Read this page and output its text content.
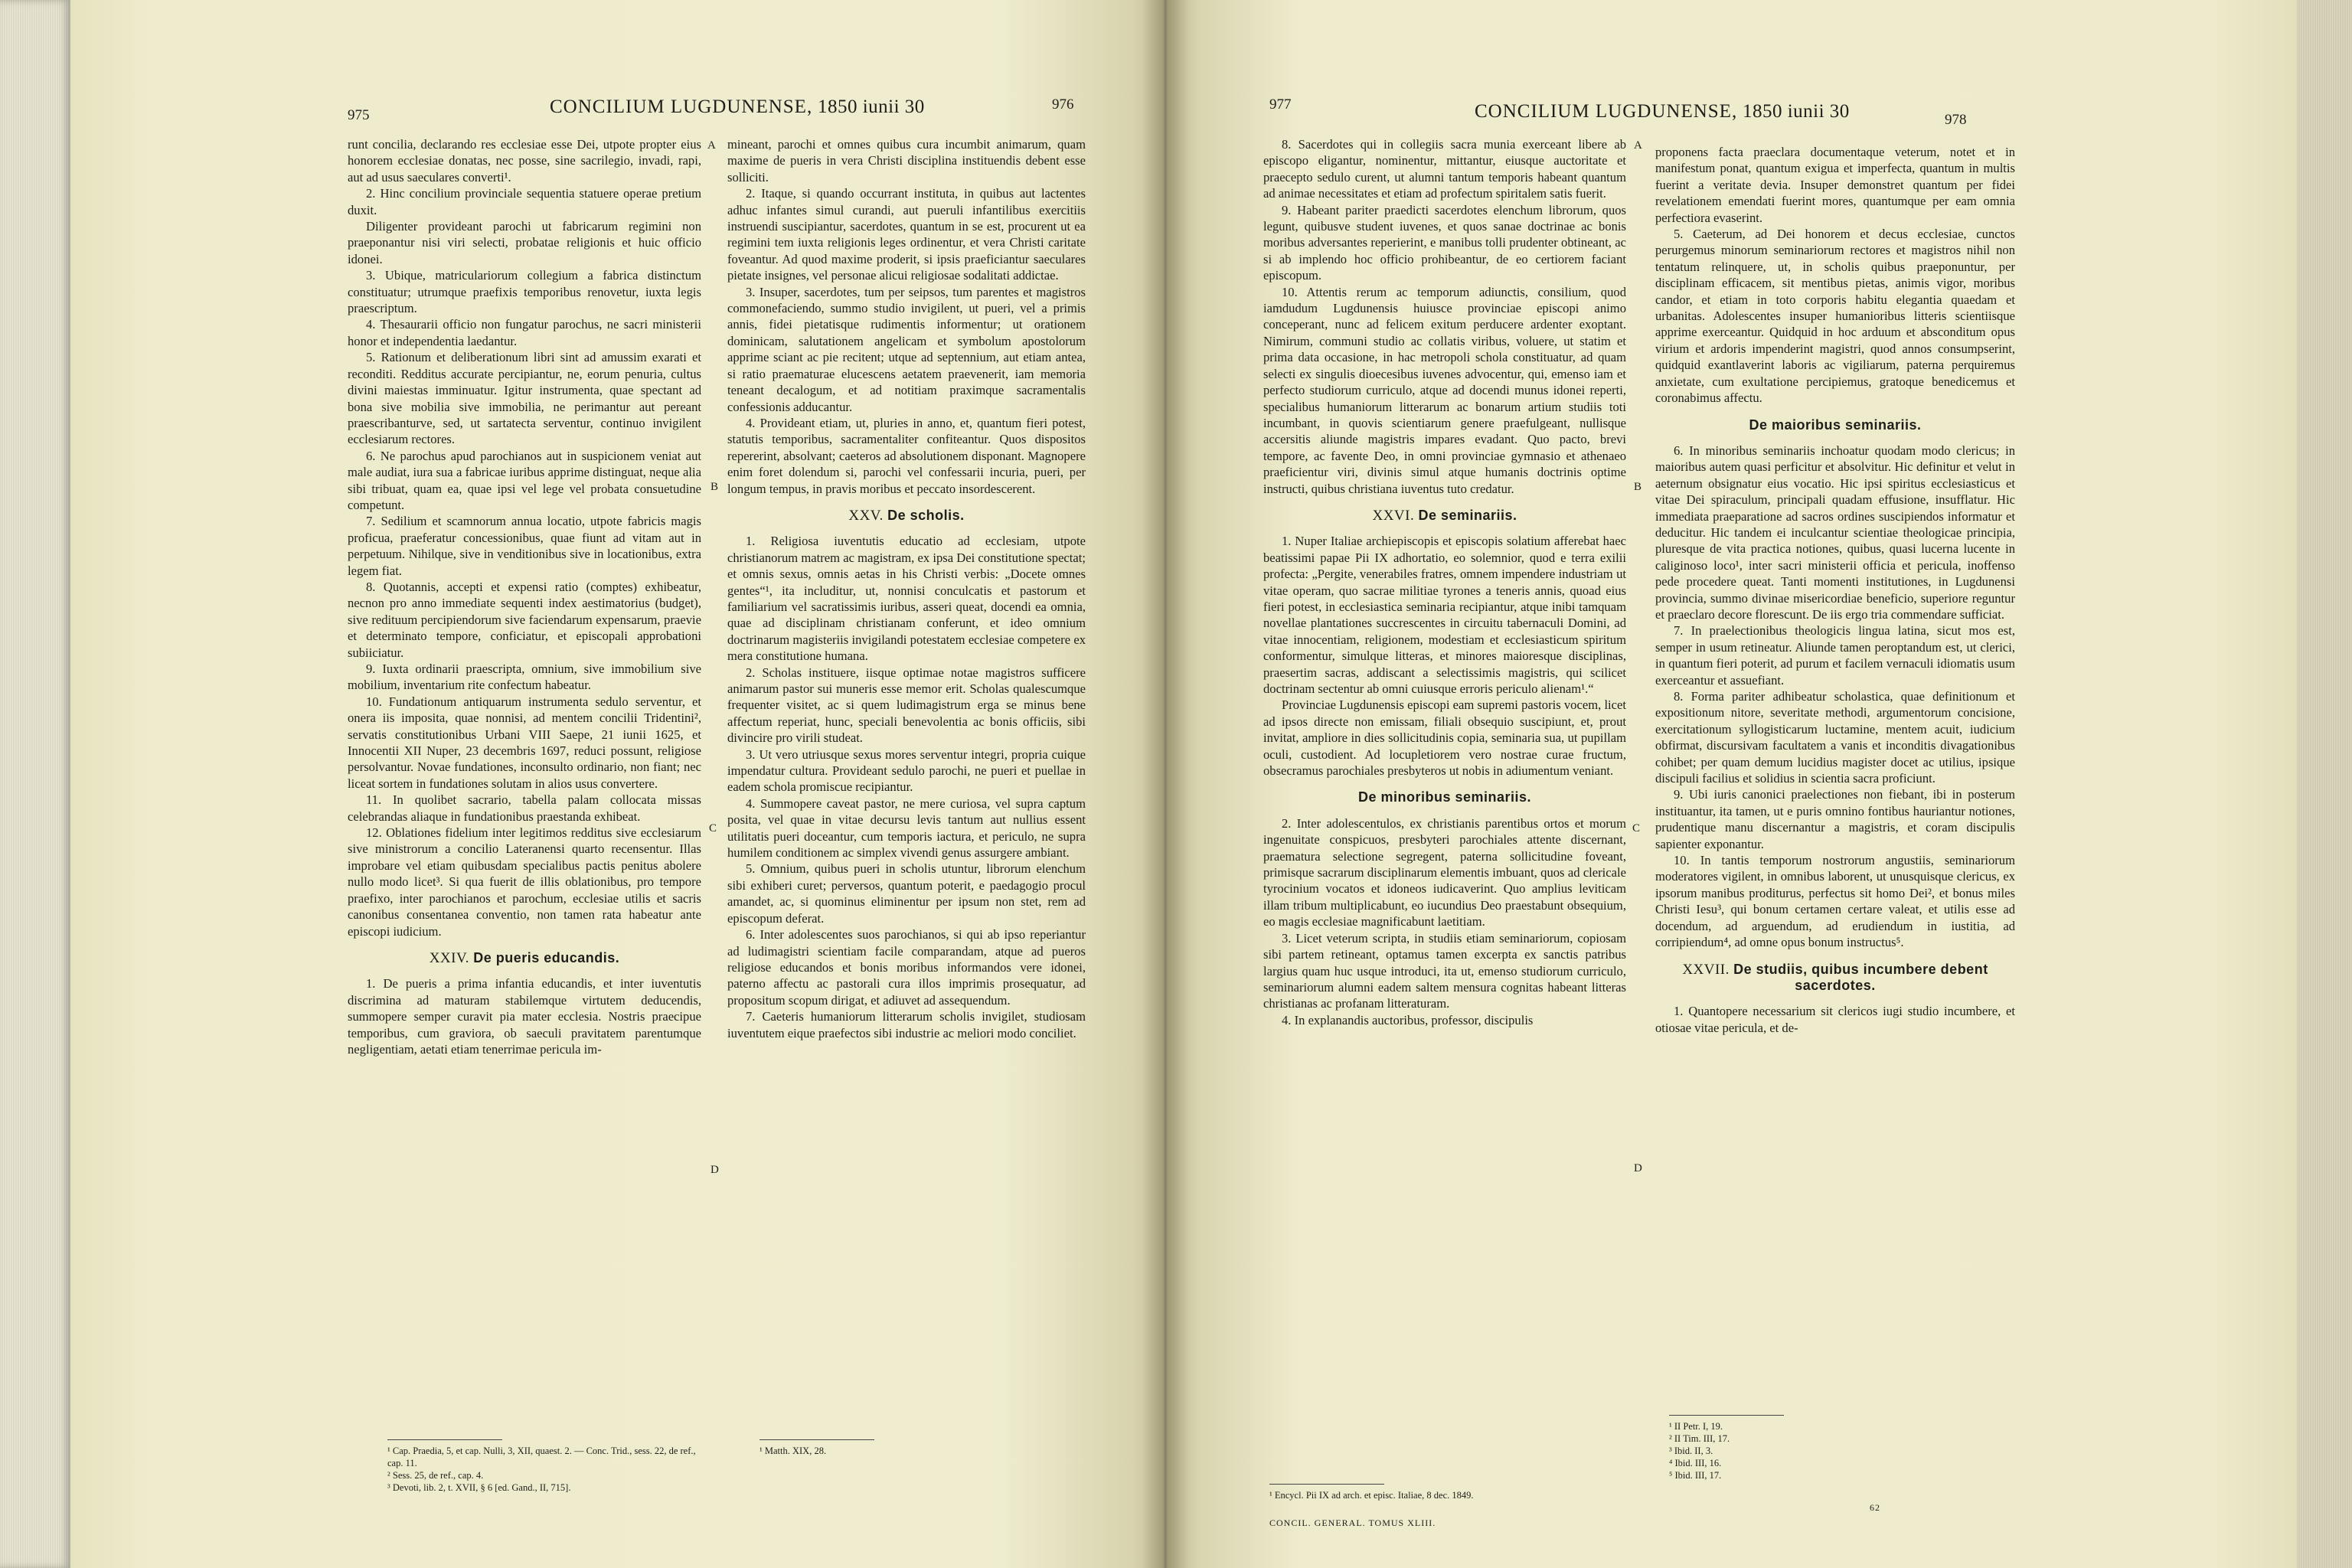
975
976
CONCILIUM LUGDUNENSE, 1850 iunii 30

runt concilia, declarando res ecclesiae esse Dei, utpote propter eius honorem ecclesiae donatas, nec posse, sine sacrilegio, invadi, rapi, aut ad usus saeculares converti¹.

2. Hinc concilium provinciale sequentia statuere operae pretium duxit.

Diligenter provideant parochi ut fabricarum regimini non praeponantur nisi viri selecti, probatae religionis et huic officio idonei.

3. Ubique, matriculariorum collegium a fabrica distinctum constituatur; utrumque praefixis temporibus renovetur, iuxta legis praescriptum.

4. Thesaurarii officio non fungatur parochus, ne sacri ministerii honor et independentia laedantur.

5. Rationum et deliberationum libri sint ad amussim exarati et reconditi. Redditus accurate percipiantur, ne, eorum penuria, cultus divini maiestas imminuatur. Igitur instrumenta, quae spectant ad bona sive mobilia sive immobilia, ne perimantur aut pereant praescribanturve, sed, ut sartatecta serventur, continuo invigilent ecclesiarum rectores.

6. Ne parochus apud parochianos aut in suspicionem veniat aut male audiat, iura sua a fabricae iuribus apprime distinguat, neque alia sibi tribuat, quam ea, quae ipsi vel lege vel probata consuetudine competunt.

7. Sedilium et scamnorum annua locatio, utpote fabricis magis proficua, praeferatur concessionibus, quae fiunt ad vitam aut in perpetuum. Nihilque, sive in venditionibus sive in locationibus, extra legem fiat.

8. Quotannis, accepti et expensi ratio (comptes) exhibeatur, necnon pro anno immediate sequenti index aestimatorius (budget), sive redituum percipiendorum sive faciendarum expensarum, praevie et determinato tempore, conficiatur, et episcopali approbationi subiiciatur.

9. Iuxta ordinarii praescripta, omnium, sive immobilium sive mobilium, inventarium rite confectum habeatur.

10. Fundationum antiquarum instrumenta sedulo serventur, et onera iis imposita, quae nonnisi, ad mentem concilii Tridentini², servatis constitutionibus Urbani VIII Saepe, 21 iunii 1625, et Innocentii XII Nuper, 23 decembris 1697, reduci possunt, religiose persolvantur. Novae fundationes, inconsulto ordinario, non fiant; nec liceat sortem in fundationes solutam in alios usus convertere.

11. In quolibet sacrario, tabella palam collocata missas celebrandas aliaque in fundationibus praestanda exhibeat.

12. Oblationes fidelium inter legitimos redditus sive ecclesiarum sive ministrorum a concilio Lateranensi quarto recensentur. Illas improbare vel etiam quibusdam specialibus pactis penitus abolere nullo modo licet³. Si qua fuerit de illis oblationibus, pro tempore praefixo, inter parochianos et parochum, ecclesiae utilis et sacris canonibus consentanea conventio, non tamen rata habeatur ante episcopi iudicium.

XXIV. De pueris educandis.

1. De pueris a prima infantia educandis, et inter iuventutis discrimina ad maturam stabilemque virtutem deducendis, summopere semper curavit pia mater ecclesia. Nostris praecipue temporibus, cum graviora, ob saeculi pravitatem parentumque negligentiam, aetati etiam tenerrimae pericula im-

mineant, parochi et omnes quibus cura incumbit animarum, quam maxime de pueris in vera Christi disciplina instituendis debent esse solliciti.

2. Itaque, si quando occurrant instituta, in quibus aut lactentes adhuc infantes simul curandi, aut pueruli infantilibus exercitiis instruendi suscipiantur, sacerdotes, quantum in se est, procurent ut ea regimini tem iuxta religionis leges ordinentur, et vera Christi caritate foveantur. Ad quod maxime proderit, si ipsis praeficiantur saeculares pietate insignes, vel personae alicui religiosae sodalitati addictae.

3. Insuper, sacerdotes, tum per seipsos, tum parentes et magistros commonefaciendo, summo studio invigilent, ut pueri, vel a primis annis, fidei pietatisque rudimentis informentur; ut orationem dominicam, salutationem angelicam et symbolum apostolorum apprime sciant ac pie recitent; utque ad septennium, aut etiam antea, si ratio praematurae elucescens aetatem praevenerit, iam memoria teneant decalogum, et ad notitiam praximque sacramentalis confessionis adducantur.

4. Provideant etiam, ut, pluries in anno, et, quantum fieri potest, statutis temporibus, sacramentaliter confiteantur. Quos dispositos repererint, absolvant; caeteros ad absolutionem disponant. Magnopere enim foret dolendum si, parochi vel confessarii incuria, pueri, per longum tempus, in pravis moribus et peccato insordescerent.

XXV. De scholis.

1. Religiosa iuventutis educatio ad ecclesiam, utpote christianorum matrem ac magistram, ex ipsa Dei constitutione spectat; et omnis sexus, omnis aetas in his Christi verbis: „Docete omnes gentes“¹, ita includitur, ut, nonnisi conculcatis et pastorum et familiarium vel sacratissimis iuribus, asseri queat, docendi ea omnia, quae ad disciplinam christianam conferunt, et ideo omnium doctrinarum magisteriis invigilandi potestatem ecclesiae competere ex mera constitutione humana.

2. Scholas instituere, iisque optimae notae magistros sufficere animarum pastor sui muneris esse memor erit. Scholas qualescumque frequenter visitet, ac si quem ludimagistrum erga se minus bene affectum reperiat, hunc, speciali benevolentia ac bonis officiis, sibi divincire pro virili studeat.

3. Ut vero utriusque sexus mores serventur integri, propria cuique impendatur cultura. Provideant sedulo parochi, ne pueri et puellae in eadem schola promiscue recipiantur.

4. Summopere caveat pastor, ne mere curiosa, vel supra captum posita, vel quae in vitae decursu levis tantum aut nullius essent utilitatis pueri doceantur, cum temporis iactura, et periculo, ne supra humilem conditionem ac simplex vivendi genus assurgere ambiant.

5. Omnium, quibus pueri in scholis utuntur, librorum elenchum sibi exhiberi curet; perversos, quantum poterit, e paedagogio procul amandet, ac, si quominus eliminentur per ipsum non stet, rem ad episcopum deferat.

6. Inter adolescentes suos parochianos, si qui ab ipso reperiantur ad ludimagistri scientiam facile comparandam, atque ad pueros religiose educandos et bonis moribus informandos vere idonei, paterno affectu ac pastorali cura illos imprimis prosequatur, ad propositum scopum dirigat, et adiuvet ad assequendum.

7. Caeteris humaniorum litterarum scholis invigilet, studiosam iuventutem eique praefectos sibi industrie ac meliori modo conciliet.

A
B
C
D
¹ Cap. Praedia, 5, et cap. Nulli, 3, XII, quaest. 2. — Conc. Trid., sess. 22, de ref., cap. 11.
² Sess. 25, de ref., cap. 4.
³ Devoti, lib. 2, t. XVII, § 6 [ed. Gand., II, 715].
¹ Matth. XIX, 28.
977
978
CONCILIUM LUGDUNENSE, 1850 iunii 30

8. Sacerdotes qui in collegiis sacra munia exerceant libere ab episcopo eligantur, nominentur, mittantur, eiusque auctoritate et praecepto sedulo curent, ut alumni tantum temporis habeant quantum ad animae necessitates et etiam ad profectum spiritalem satis fuerit.

9. Habeant pariter praedicti sacerdotes elenchum librorum, quos legunt, quibusve student iuvenes, et quos sanae doctrinae ac bonis moribus adversantes reperierint, e manibus tolli prudenter obtineant, ac si ab implendo hoc officio prohibeantur, de eo certiorem faciant episcopum.

10. Attentis rerum ac temporum adiunctis, consilium, quod iamdudum Lugdunensis huiusce provinciae episcopi animo conceperant, nunc ad felicem exitum perducere ardenter exoptant. Nimirum, communi studio ac collatis viribus, voluere, ut statim et prima data occasione, in hac metropoli schola constituatur, ad quam selecti ex singulis dioecesibus iuvenes advocentur, qui, emenso iam et perfecto studiorum curriculo, atque ad docendi munus idonei reperti, specialibus humaniorum litterarum ac bonarum artium studiis toti incumbant, in quovis scientiarum genere praefulgeant, nullisque accersitis aliunde magistris impares evadant. Quo pacto, brevi tempore, ac favente Deo, in omni provinciae gymnasio et athenaeo praeficientur viri, divinis simul atque humanis doctrinis optime instructi, quibus christiana iuventus tuto credatur.

XXVI. De seminariis.

1. Nuper Italiae archiepiscopis et episcopis solatium afferebat haec beatissimi papae Pii IX adhortatio, eo solemnior, quod e terra exilii profecta: „Pergite, venerabiles fratres, omnem impendere industriam ut vitae operam, quo sacrae militiae tyrones a teneris annis, quoad eius fieri potest, in ecclesiastica seminaria recipiantur, atque inibi tamquam novellae plantationes succrescentes in circuitu tabernaculi Domini, ad vitae innocentiam, religionem, modestiam et ecclesiasticum spiritum conformentur, simulque litteras, et minores maioresque disciplinas, praesertim sacras, addiscant a selectissimis magistris, qui scilicet doctrinam sectentur ab omni cuiusque erroris periculo alienam¹.“

Provinciae Lugdunensis episcopi eam supremi pastoris vocem, licet ad ipsos directe non emissam, filiali obsequio suscipiunt, et, prout invitat, ampliore in dies sollicitudinis copia, seminaria sua, ut pupillam oculi, custodient. Ad locupletiorem vero nostrae curae fructum, obsecramus parochiales presbyteros ut nobis in adiumentum veniant.

De minoribus seminariis.

2. Inter adolescentulos, ex christianis parentibus ortos et morum ingenuitate conspicuos, presbyteri parochiales attente discernant, praematura selectione segregent, paterna sollicitudine foveant, primisque sacrarum disciplinarum elementis imbuant, quos ad clericale tyrocinium vocatos et idoneos iudicaverint. Quo amplius leviticam illam tribum multiplicabunt, eo iucundius Deo praestabunt obsequium, eo magis ecclesiae magnificabunt laetitiam.

3. Licet veterum scripta, in studiis etiam seminariorum, copiosam sibi partem retineant, optamus tamen excerpta ex sanctis patribus largius quam huc usque introduci, ita ut, emenso studiorum curriculo, seminariorum alumni eadem saltem mensura cognitas habeant litteras christianas ac profanam litteraturam.

4. In explanandis auctoribus, professor, discipulis

proponens facta praeclara documentaque veterum, notet et in manifestum ponat, quantum exigua et imperfecta, quantum in multis fuerint a veritate devia. Insuper demonstret quantum per fidei revelationem emendati fuerint mores, quantumque per eam omnia perfectiora evaserint.

5. Caeterum, ad Dei honorem et decus ecclesiae, cunctos perurgemus minorum seminariorum rectores et magistros nihil non tentatum relinquere, ut, in scholis quibus praeponuntur, per disciplinam efficacem, sit mentibus pietas, animis vigor, moribus candor, et etiam in toto corporis habitu elegantia quaedam et urbanitas. Adolescentes insuper humanioribus litteris scientiisque apprime exerceantur. Quidquid in hoc arduum et absconditum opus virium et ardoris impenderint magistri, quod annos consumpserint, quidquid exantlaverint laboris ac vigiliarum, paterna perquiremus anxietate, cum exultatione percipiemus, gratoque benedicemus et coronabimus affectu.

De maioribus seminariis.

6. In minoribus seminariis inchoatur quodam modo clericus; in maioribus autem quasi perficitur et absolvitur. Hic definitur et velut in aeternum obsignatur eius vocatio. Hic ipsi spiritus ecclesiasticus et vitae Dei spiraculum, principali quadam effusione, insufflatur. Hic immediata praeparatione ad sacros ordines suscipiendos informatur et deducitur. Hic tandem ei inculcantur scientiae theologicae principia, pluresque de vita practica notiones, quibus, quasi lucerna lucente in caliginoso loco¹, inter sacri ministerii officia et pericula, inoffenso pede procedere queat. Tanti momenti institutiones, in Lugdunensi provincia, summo divinae misericordiae beneficio, superiore reguntur et praeclaro decore florescunt. De iis ergo tria commendare sufficiat.

7. In praelectionibus theologicis lingua latina, sicut mos est, semper in usum retineatur. Aliunde tamen peroptandum est, ut clerici, in quantum fieri poterit, ad purum et facilem vernaculi idiomatis usum exerceantur et assuefiant.

8. Forma pariter adhibeatur scholastica, quae definitionum et expositionum nitore, severitate methodi, argumentorum concisione, exercitationum syllogisticarum luctamine, mentem acuit, iudicium obfirmat, discursivam facultatem a vanis et inconditis divagationibus cohibet; per quam demum lucidius magister docet ac utilius, ipsique discipuli facilius et solidius in scientia sacra proficiunt.

9. Ubi iuris canonici praelectiones non fiebant, ibi in posterum instituantur, ita tamen, ut e puris omnino fontibus hauriantur notiones, prudentique manu discernantur a magistris, et coram discipulis sapienter exponantur.

10. In tantis temporum nostrorum angustiis, seminariorum moderatores vigilent, in omnibus laborent, ut unusquisque clericus, ex ipsorum manibus proditurus, perfectus sit homo Dei², et bonus miles Christi Iesu³, qui bonum certamen certare valeat, et utilis esse ad docendum, ad arguendum, ad erudiendum in iustitia, ad corripiendum⁴, ad omne opus bonum instructus⁵.

XXVII. De studiis, quibus incumbere debent sacerdotes.

1. Quantopere necessarium sit clericos iugi studio incumbere, et otiosae vitae pericula, et de-

A
B
C
D
¹ Encycl. Pii IX ad arch. et episc. Italiae, 8 dec. 1849.
CONCIL. GENERAL. TOMUS XLIII.
¹ II Petr. I, 19.
² II Tim. III, 17.
³ Ibid. II, 3.
⁴ Ibid. III, 16.
⁵ Ibid. III, 17.
62
